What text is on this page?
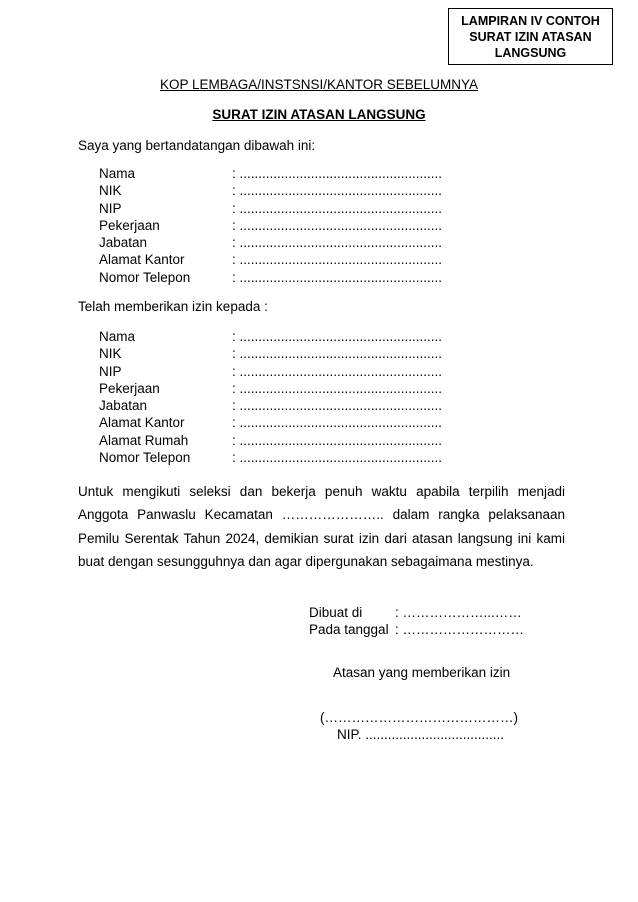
LAMPIRAN IV CONTOH
SURAT IZIN ATASAN
LANGSUNG
KOP LEMBAGA/INSTSNSI/KANTOR SEBELUMNYA
SURAT IZIN ATASAN LANGSUNG
Saya yang bertandatangan dibawah ini:
Nama	: ......................................................
NIK	: ......................................................
NIP	: ......................................................
Pekerjaan	: ......................................................
Jabatan	: ......................................................
Alamat Kantor	: ......................................................
Nomor Telepon	: ......................................................
Telah memberikan izin kepada :
Nama	: ......................................................
NIK	: ......................................................
NIP	: ......................................................
Pekerjaan	: ......................................................
Jabatan	: ......................................................
Alamat Kantor	: ......................................................
Alamat Rumah	: ......................................................
Nomor Telepon	: ......................................................
Untuk mengikuti seleksi dan bekerja penuh waktu apabila terpilih menjadi Anggota Panwaslu Kecamatan ………………….. dalam rangka pelaksanaan Pemilu Serentak Tahun 2024, demikian surat izin dari atasan langsung ini kami buat dengan sesungguhnya dan agar dipergunakan sebagaimana mestinya.
Dibuat di : ………………...……
Pada tanggal : ………………………
Atasan yang memberikan izin
(……………………………………)
NIP. .....................................
